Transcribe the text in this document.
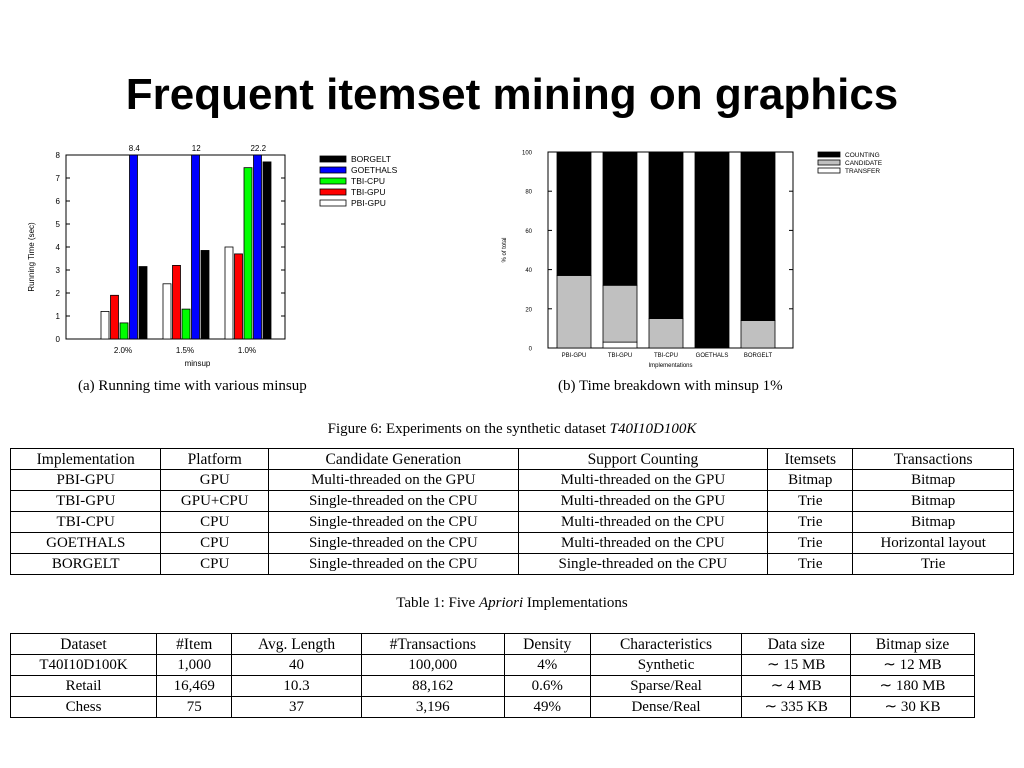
Frequent itemset mining on graphics
0
1
2
3
4
5
6
7
8
2.0%
8.4
1.5%
12
1.0%
22.2
minsup
Running Time (sec)
BORGELT
GOETHALS
TBI-CPU
TBI-GPU
PBI-GPU
(a) Running time with various minsup
0
20
40
60
80
100
PBI-GPU	TBI-GPU	TBI-CPU	GOETHALS	BORGELT
Implementations
% of total
COUNTING
CANDIDATE
TRANSFER
(b) Time breakdown with minsup 1%
Figure 6: Experiments on the synthetic dataset T40I10D100K
Implementation	Platform	Candidate Generation	Support Counting	Itemsets	Transactions
PBI-GPU	GPU	Multi-threaded on the GPU	Multi-threaded on the GPU	Bitmap	Bitmap
TBI-GPU	GPU+CPU	Single-threaded on the CPU	Multi-threaded on the GPU	Trie	Bitmap
TBI-CPU	CPU	Single-threaded on the CPU	Multi-threaded on the CPU	Trie	Bitmap
GOETHALS	CPU	Single-threaded on the CPU	Multi-threaded on the CPU	Trie	Horizontal layout
BORGELT	CPU	Single-threaded on the CPU	Single-threaded on the CPU	Trie	Trie
Table 1: Five Apriori Implementations
Dataset	#Item	Avg. Length	#Transactions	Density	Characteristics	Data size	Bitmap size
T40I10D100K	1,000	40	100,000	4%	Synthetic	∼ 15 MB	∼ 12 MB
Retail	16,469	10.3	88,162	0.6%	Sparse/Real	∼ 4 MB	∼ 180 MB
Chess	75	37	3,196	49%	Dense/Real	∼ 335 KB	∼ 30 KB
